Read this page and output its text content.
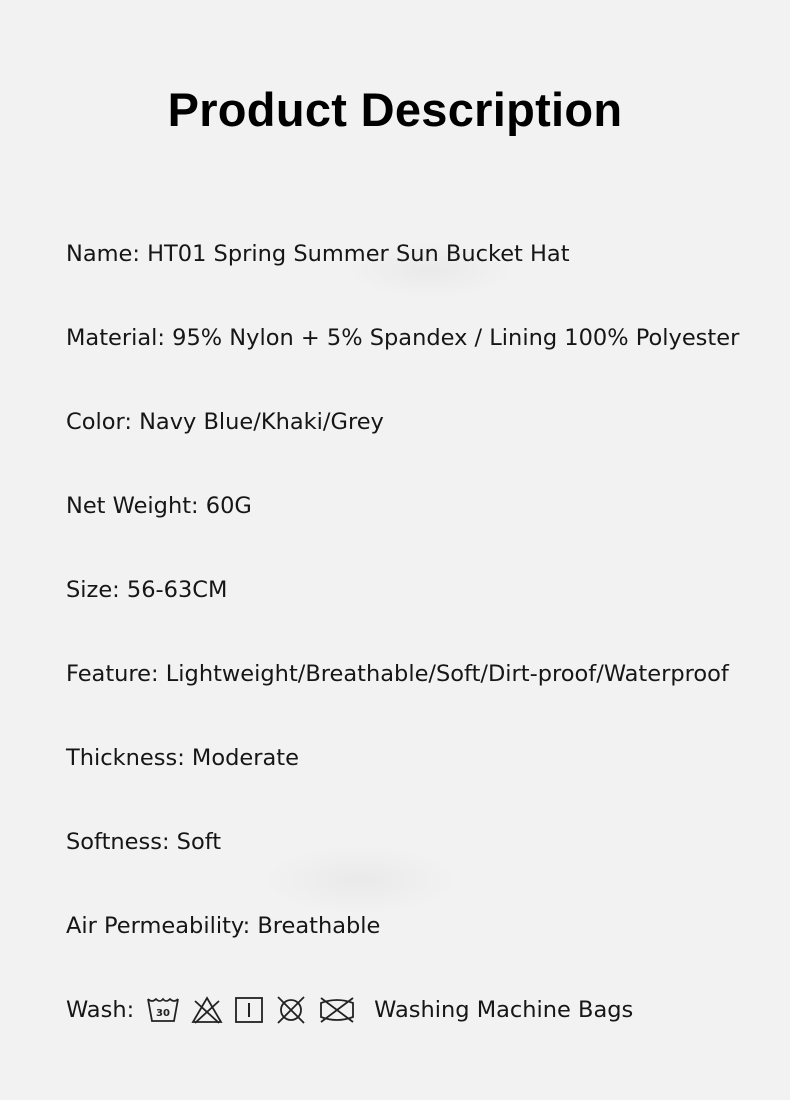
Product Description
Name: HT01 Spring Summer Sun Bucket Hat
Material: 95% Nylon + 5% Spandex / Lining 100% Polyester
Color: Navy Blue/Khaki/Grey
Net Weight: 60G
Size: 56-63CM
Feature: Lightweight/Breathable/Soft/Dirt-proof/Waterproof
Thickness: Moderate
Softness: Soft
Air Permeability: Breathable
Wash: 30	Washing Machine Bags
